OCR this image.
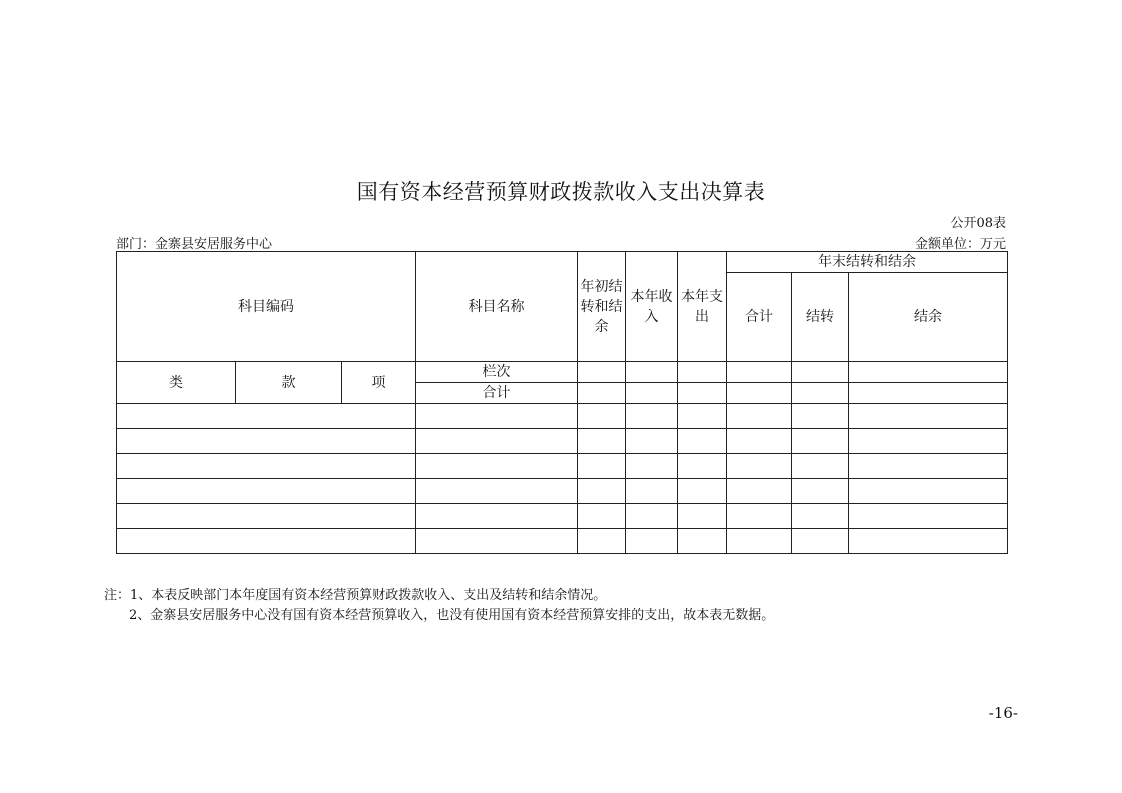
国有资本经营预算财政拨款收入支出决算表
公开08表
部门：金寨县安居服务中心	金额单位：万元
科目编码			科目名称	年初结转和结余	本年收入	本年支出	年末结转和结余		
							合计	结转	结余
类	款	项	栏次						
			合计						

注：1、本表反映部门本年度国有资本经营预算财政拨款收入、支出及结转和结余情况。
2、金寨县安居服务中心没有国有资本经营预算收入，也没有使用国有资本经营预算安排的支出，故本表无数据。
-16-
